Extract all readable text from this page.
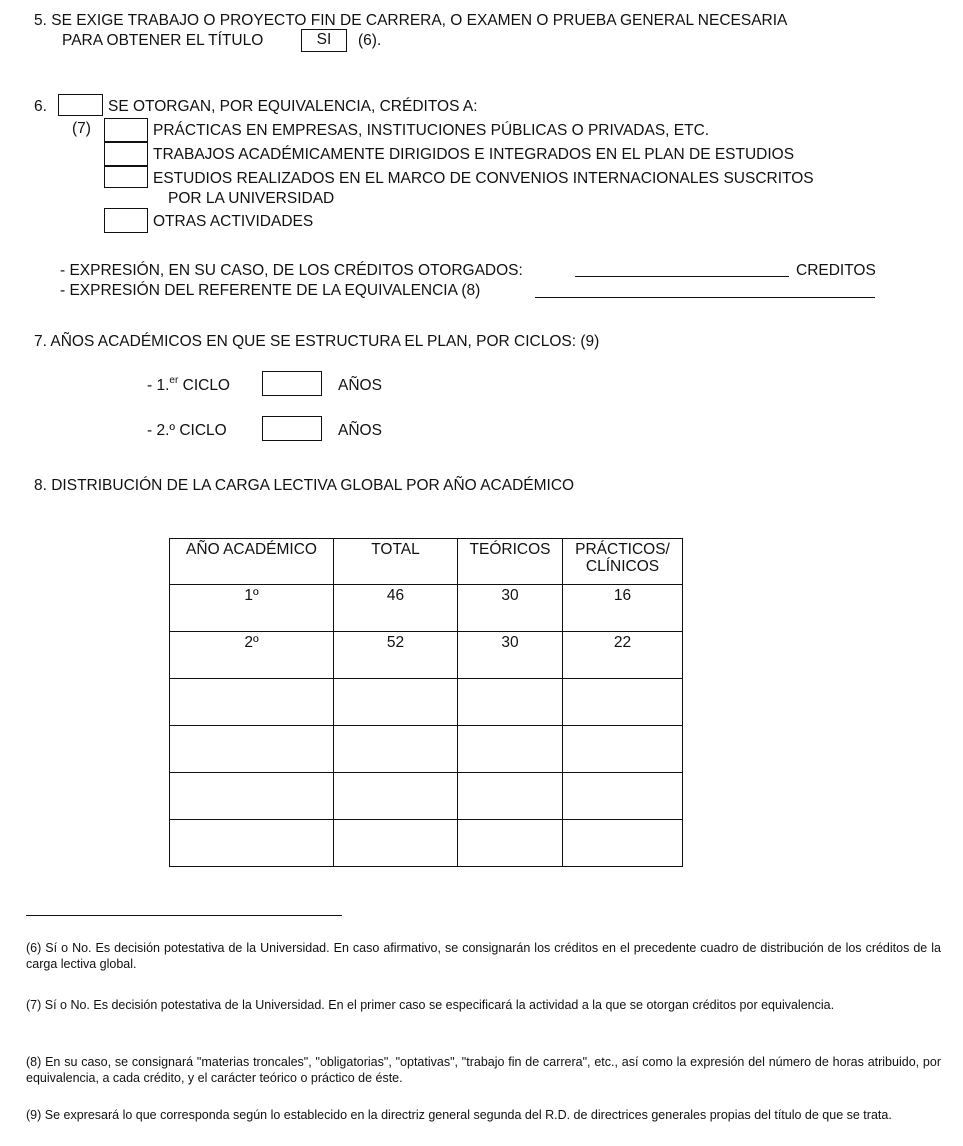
5. SE EXIGE TRABAJO O PROYECTO FIN DE CARRERA, O EXAMEN O PRUEBA GENERAL NECESARIA
PARA OBTENER EL TÍTULO	SI	(6).
6.	SE OTORGAN, POR EQUIVALENCIA, CRÉDITOS A:
(7)	PRÁCTICAS EN EMPRESAS, INSTITUCIONES PÚBLICAS O PRIVADAS, ETC.
TRABAJOS ACADÉMICAMENTE DIRIGIDOS E INTEGRADOS EN EL PLAN DE ESTUDIOS
ESTUDIOS REALIZADOS EN EL MARCO DE CONVENIOS INTERNACIONALES SUSCRITOS
POR LA UNIVERSIDAD
OTRAS ACTIVIDADES
- EXPRESIÓN, EN SU CASO, DE LOS CRÉDITOS OTORGADOS:	CREDITOS
- EXPRESIÓN DEL REFERENTE DE LA EQUIVALENCIA (8)
7. AÑOS ACADÉMICOS EN QUE SE ESTRUCTURA EL PLAN, POR CICLOS: (9)
- 1.$^{er}$ CICLO	AÑOS
- 2.º CICLO	AÑOS
8. DISTRIBUCIÓN DE LA CARGA LECTIVA GLOBAL POR AÑO ACADÉMICO
AÑO ACADÉMICO	TOTAL	TEÓRICOS	PRÁCTICOS/
CLÍNICOS
1º	46	30	16
2º	52	30	22

(6) Sí o No. Es decisión potestativa de la Universidad. En caso afirmativo, se consignarán los créditos en el precedente cuadro de distribución de los créditos de la carga lectiva global.
(7) Sí o No. Es decisión potestativa de la Universidad. En el primer caso se especificará la actividad a la que se otorgan créditos por equivalencia.
(8) En su caso, se consignará "materias troncales", "obligatorias", "optativas", "trabajo fin de carrera", etc., así como la expresión del número de horas atribuido, por equivalencia, a cada crédito, y el carácter teórico o práctico de éste.
(9) Se expresará lo que corresponda según lo establecido en la directriz general segunda del R.D. de directrices generales propias del título de que se trata.
